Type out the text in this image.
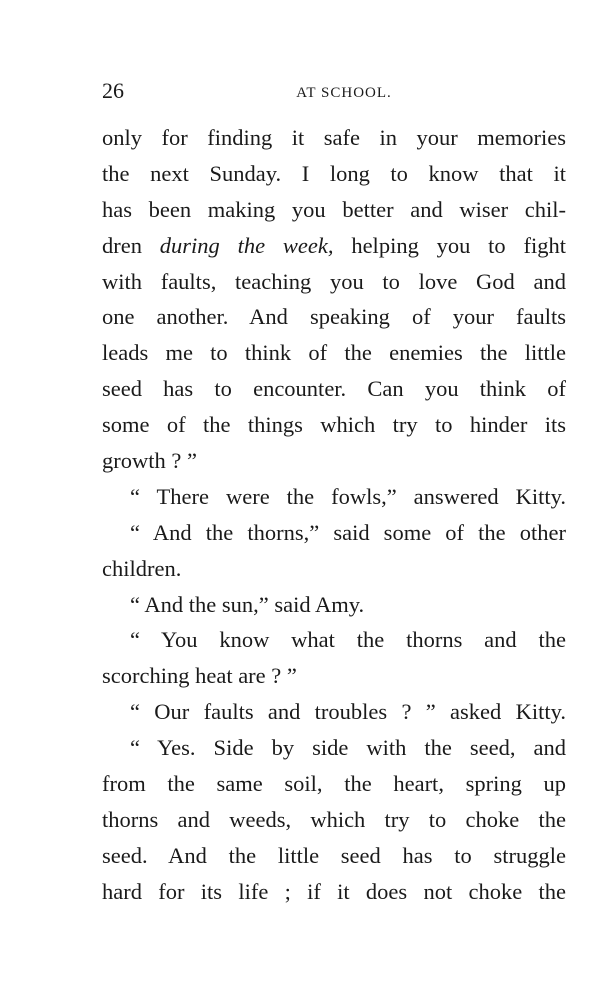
26	AT SCHOOL.
only for finding it safe in your memories
the next Sunday. I long to know that it
has been making you better and wiser chil-
dren during the week, helping you to fight
with faults, teaching you to love God and
one another. And speaking of your faults
leads me to think of the enemies the little
seed has to encounter. Can you think of
some of the things which try to hinder its
growth ? ”
“ There were the fowls,” answered Kitty.
“ And the thorns,” said some of the other
children.
“ And the sun,” said Amy.
“ You know what the thorns and the
scorching heat are ? ”
“ Our faults and troubles ? ” asked Kitty.
“ Yes. Side by side with the seed, and
from the same soil, the heart, spring up
thorns and weeds, which try to choke the
seed. And the little seed has to struggle
hard for its life ; if it does not choke the
